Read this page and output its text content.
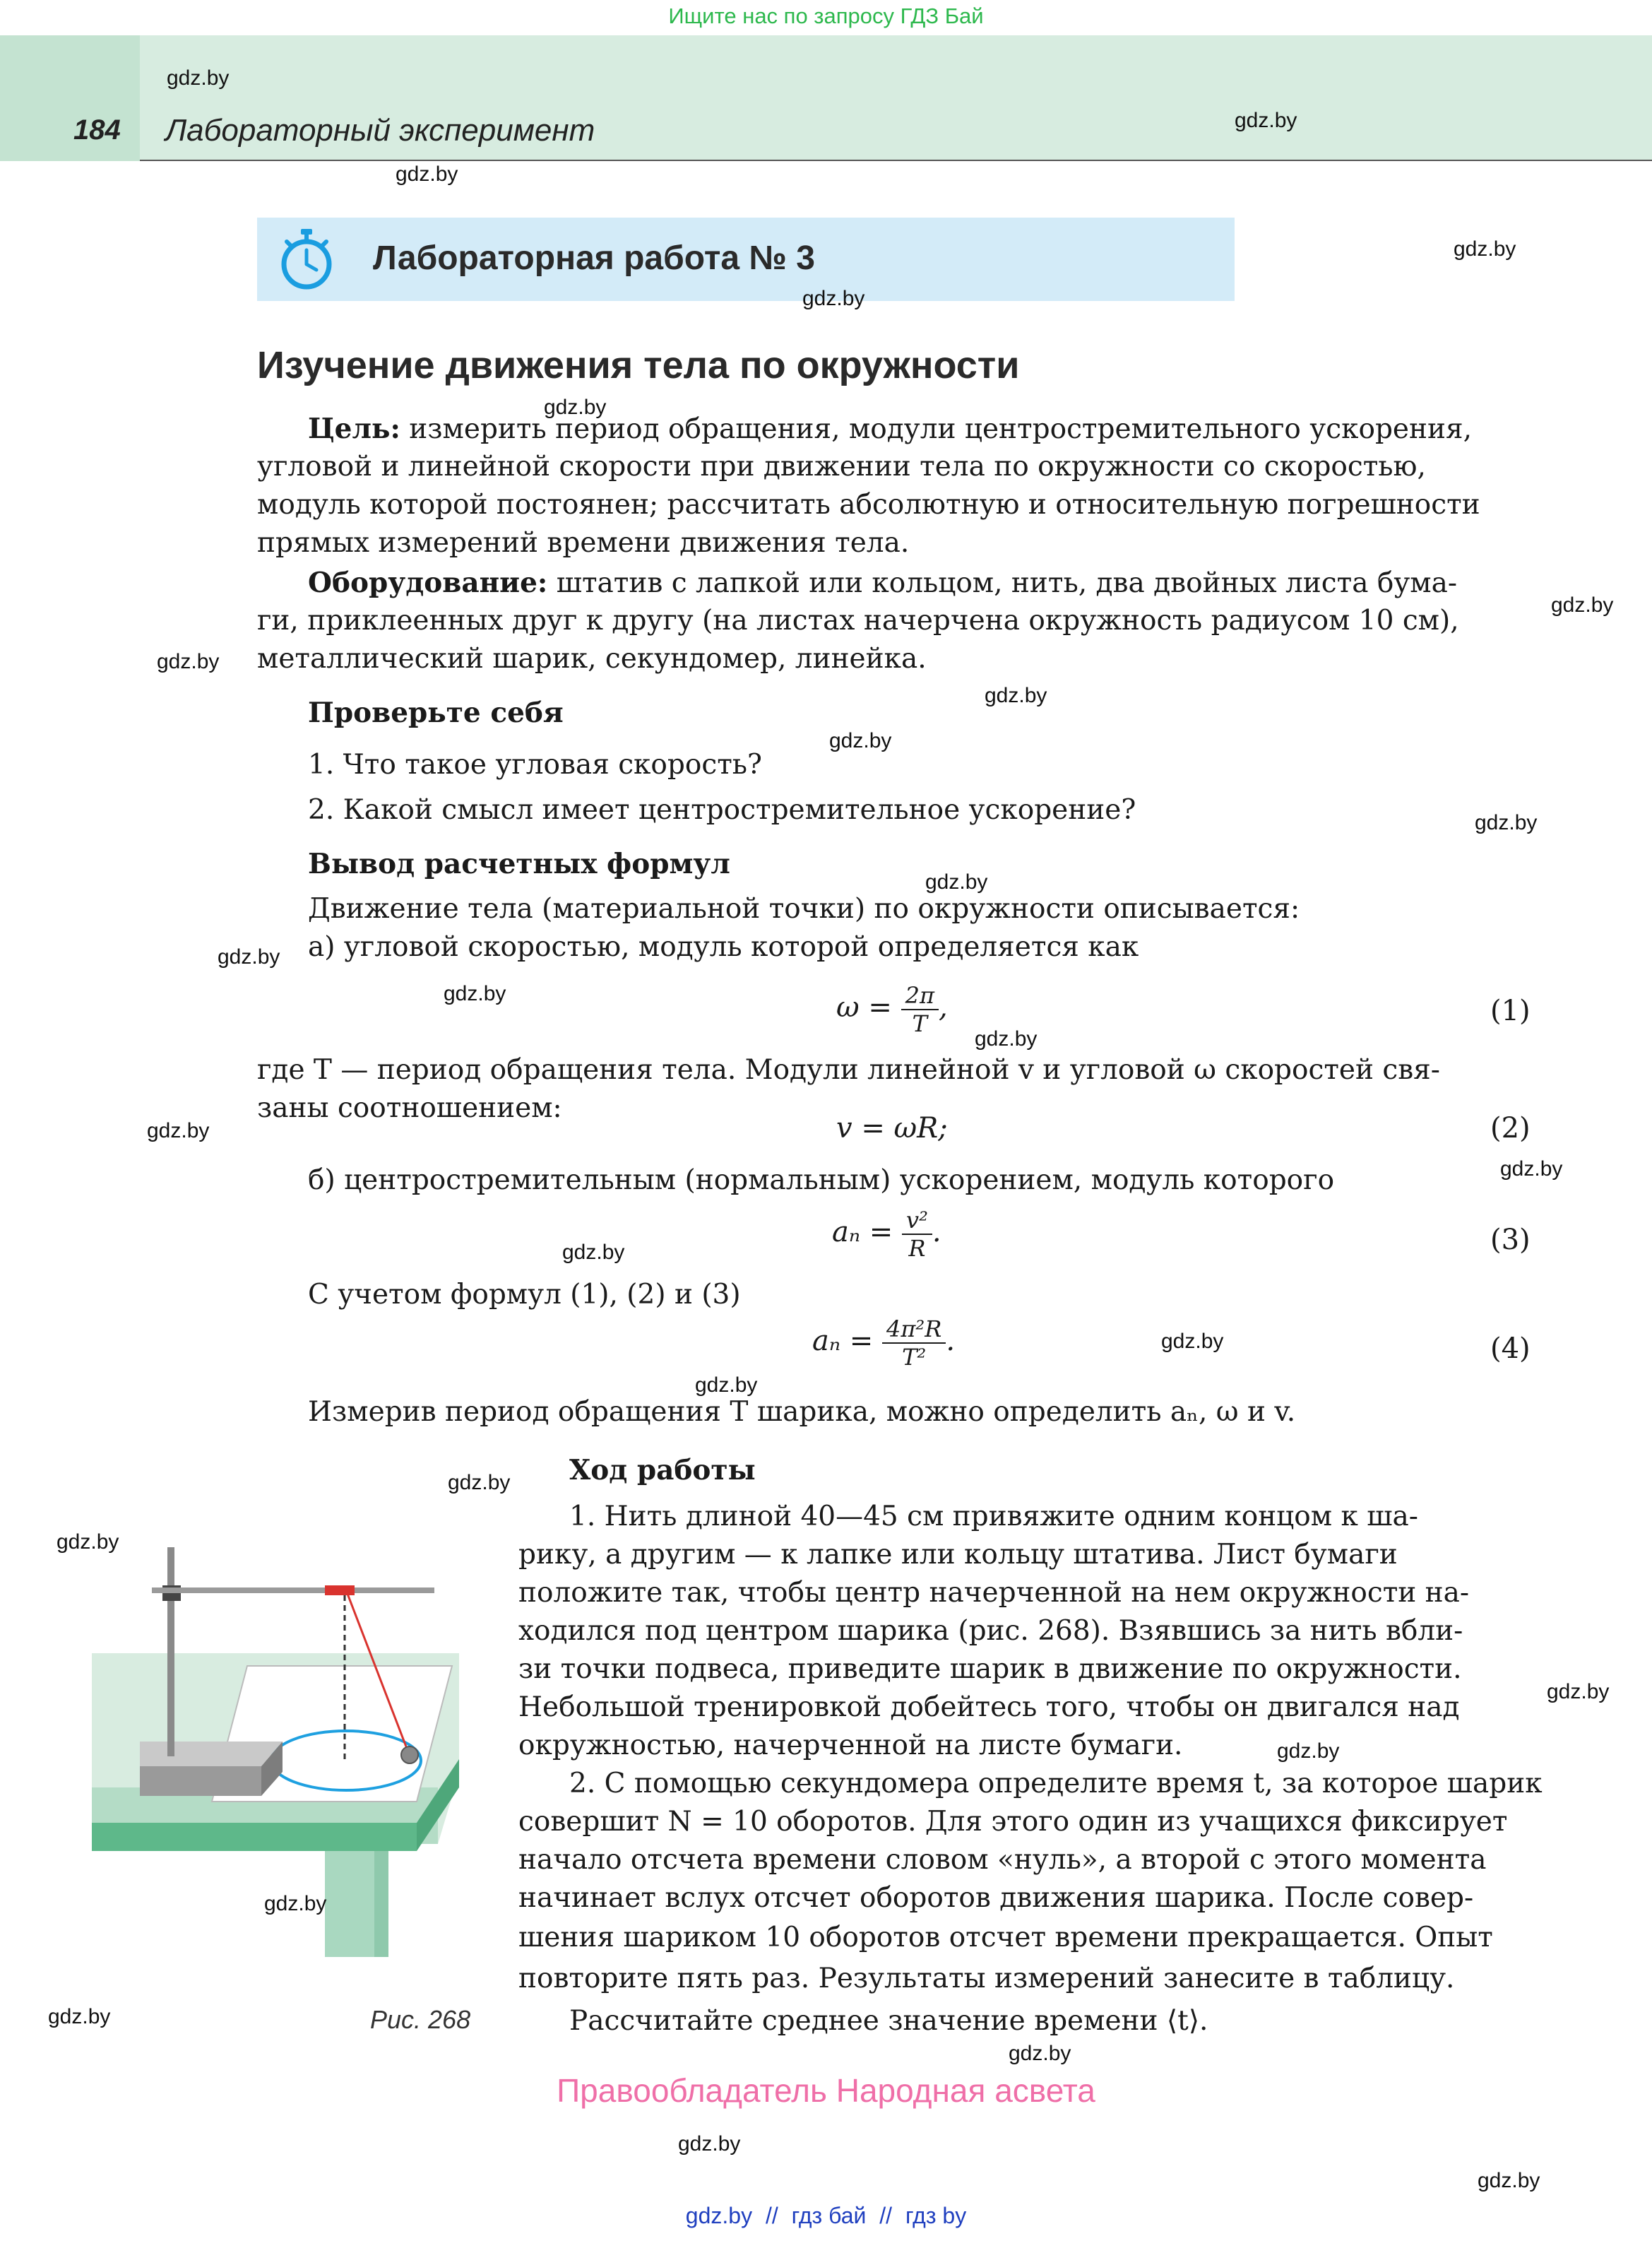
Ищите нас по запросу ГДЗ Бай
184 Лабораторный эксперимент
Лабораторная работа № 3
Изучение движения тела по окружности
Цель: измерить период обращения, модули центростремительного ускорения,
угловой и линейной скорости при движении тела по окружности со скоростью,
модуль которой постоянен; рассчитать абсолютную и относительную погрешности
прямых измерений времени движения тела.
Оборудование: штатив с лапкой или кольцом, нить, два двойных листа бума-
ги, приклеенных друг к другу (на листах начерчена окружность радиусом 10 см),
металлический шарик, секундомер, линейка.
Проверьте себя
1. Что такое угловая скорость?
2. Какой смысл имеет центростремительное ускорение?
Вывод расчетных формул
Движение тела (материальной точки) по окружности описывается:
а) угловой скоростью, модуль которой определяется как
$\omega = \frac{2\pi}{T}$ ,	(1)
где T — период обращения тела. Модули линейной v и угловой ω скоростей свя-
заны соотношением:
v = ωR;	(2)
б) центростремительным (нормальным) ускорением, модуль которого
$a_n = \frac{\text{v²}}{R}$ .	(3)
С учетом формул (1), (2) и (3)
$a_n = \frac{\text{4π²R}}{\text{T²}}$ .	(4)
Измерив период обращения T шарика, можно определить aₙ, ω и v.
Ход работы
1. Нить длиной 40—45 см привяжите одним концом к ша-
рику, а другим — к лапке или кольцу штатива. Лист бумаги
положите так, чтобы центр начерченной на нем окружности на-
ходился под центром шарика (рис. 268). Взявшись за нить вбли-
зи точки подвеса, приведите шарик в движение по окружности.
Небольшой тренировкой добейтесь того, чтобы он двигался над
окружностью, начерченной на листе бумаги.
2. С помощью секундомера определите время t, за которое шарик
совершит N = 10 оборотов. Для этого один из учащихся фиксирует
начало отсчета времени словом «нуль», а второй с этого момента
начинает вслух отсчет оборотов движения шарика. После совер-
шения шариком 10 оборотов отсчет времени прекращается. Опыт
повторите пять раз. Результаты измерений занесите в таблицу.
Рассчитайте среднее значение времени ⟨t⟩.
Рис. 268
Правообладатель Народная асвета
gdz.by // гдз бай // гдз by
gdz.by
gdz.by
gdz.by
gdz.by
gdz.by
gdz.by
gdz.by
gdz.by
gdz.by
gdz.by
gdz.by
gdz.by
gdz.by
gdz.by
gdz.by
gdz.by
gdz.by
gdz.by
gdz.by
gdz.by
gdz.by
gdz.by
gdz.by
gdz.by
gdz.by
gdz.by
gdz.by
gdz.by
gdz.by
